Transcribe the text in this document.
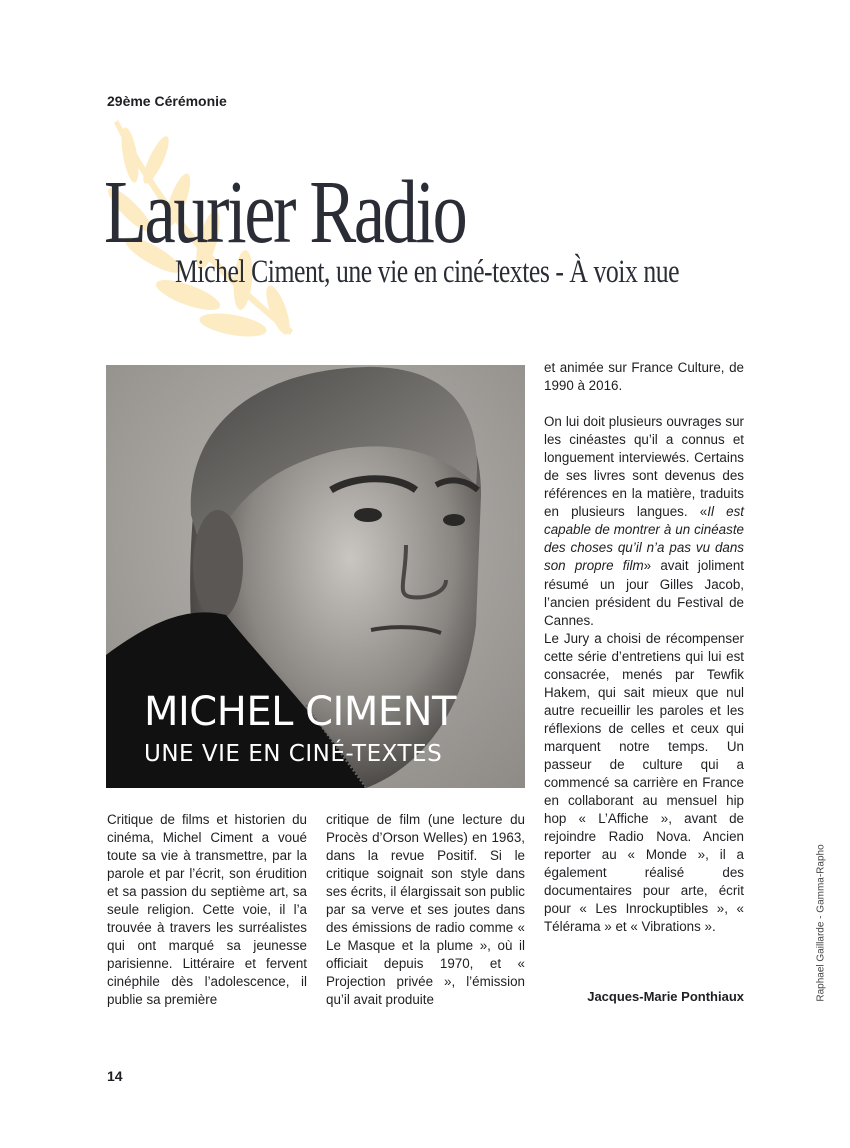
29ème Cérémonie

Laurier Radio
Michel Ciment, une vie en ciné-textes - À voix nue

MICHEL CIMENT

UNE VIE EN CINÉ-TEXTES

Critique de films et historien du cinéma, Michel Ciment a voué toute sa vie à transmettre, par la parole et par l’écrit, son érudition et sa passion du septième art, sa seule religion. Cette voie, il l’a trouvée à travers les surréalistes qui ont marqué sa jeunesse parisienne. Littéraire et fervent cinéphile dès l’adolescence, il publie sa première

critique de film (une lecture du Procès d’Orson Welles) en 1963, dans la revue Positif. Si le critique soignait son style dans ses écrits, il élargissait son public par sa verve et ses joutes dans des émissions de radio comme « Le Masque et la plume », où il officiait depuis 1970, et « Projection privée », l’émission qu’il avait produite

et animée sur France Culture, de 1990 à 2016.

On lui doit plusieurs ouvrages sur les cinéastes qu’il a connus et longuement interviewés. Certains de ses livres sont devenus des références en la matière, traduits en plusieurs langues. «Il est capable de montrer à un cinéaste des choses qu’il n’a pas vu dans son propre film» avait joliment résumé un jour Gilles Jacob, l’ancien président du Festival de Cannes.

Le Jury a choisi de récompenser cette série d’entretiens qui lui est consacrée, menés par Tewfik Hakem, qui sait mieux que nul autre recueillir les paroles et les réflexions de celles et ceux qui marquent notre temps. Un passeur de culture qui a commencé sa carrière en France en collaborant au mensuel hip hop « L’Affiche », avant de rejoindre Radio Nova. Ancien reporter au « Monde », il a également réalisé des documentaires pour arte, écrit pour « Les Inrockuptibles », « Télérama » et « Vibrations ».

Jacques-Marie Ponthiaux	Raphael Gaillarde - Gamma-Rapho

14
